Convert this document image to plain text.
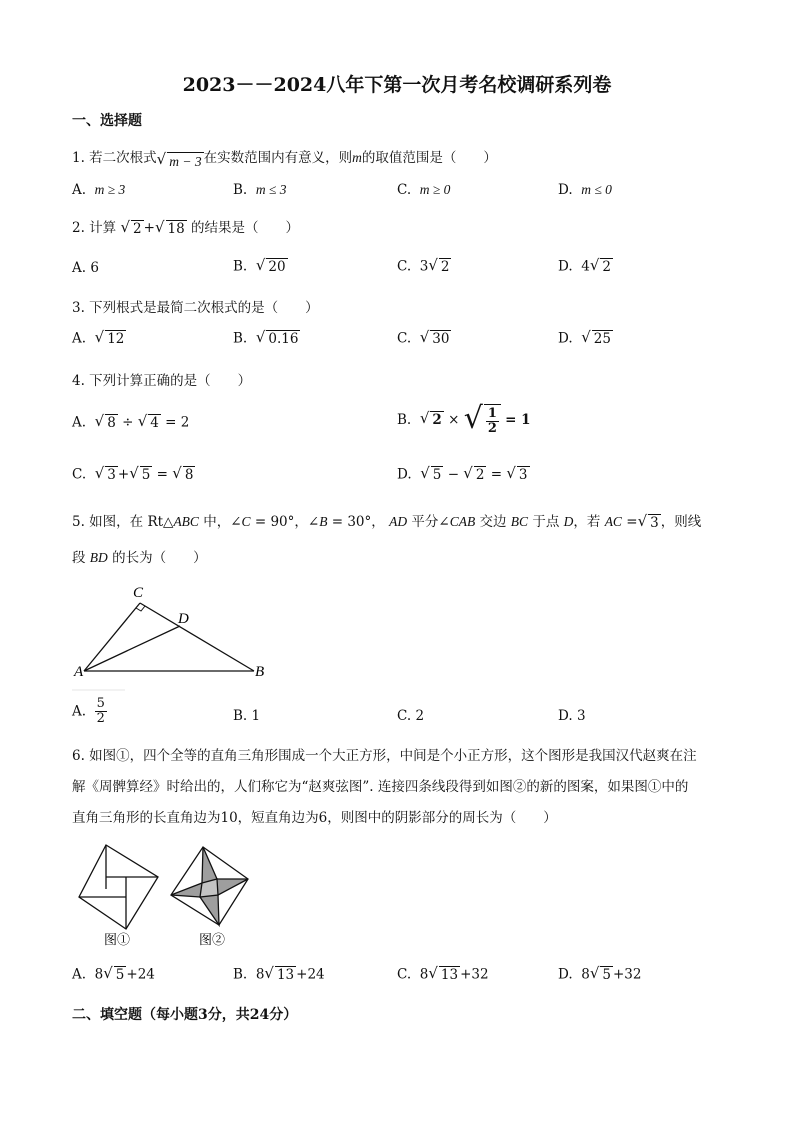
2023－－2024八年下第一次月考名校调研系列卷
一、选择题
1. 若二次根式 √ m − 3 在实数范围内有意义，则m的取值范围是（　　）
A. m ≥ 3	B. m ≤ 3	C. m ≥ 0	D. m ≤ 0
2. 计算 √ 2 + √ 18 的结果是（　　）
A. 6	B. √ 20	C. 3 √ 2	D. 4 √ 2
3. 下列根式是最简二次根式的是（　　）
A. √ 12	B. √ 0.16	C. √ 30	D. √ 25
4. 下列计算正确的是（　　）
A. √ 8 ÷ √ 4 = 2	B. √ 2 × √ $\frac{1}{2} = 1$
C. √ 3 + √ 5 = √ 8	D. √ 5 − √ 2 = √ 3
5. 如图，在 Rt△ABC 中，∠C = 90°，∠B = 30°， AD 平分∠CAB 交边 BC 于点 D，若 AC = √ 3 ，则线
段 BD 的长为（　　）
A	B
C
D
A. $\frac{5}{2}$	B. 1	C. 2	D. 3
6. 如图①，四个全等的直角三角形围成一个大正方形，中间是个小正方形，这个图形是我国汉代赵爽在注
解《周髀算经》时给出的，人们称它为“赵爽弦图”. 连接四条线段得到如图②的新的图案，如果图①中的
直角三角形的长直角边为10，短直角边为6，则图中的阴影部分的周长为（　　）
图①	图②
A. 8 √ 5 +24	B. 8 √ 13 +24	C. 8 √ 13 +32	D. 8 √ 5 +32
二、填空题（每小题3分，共24分）
